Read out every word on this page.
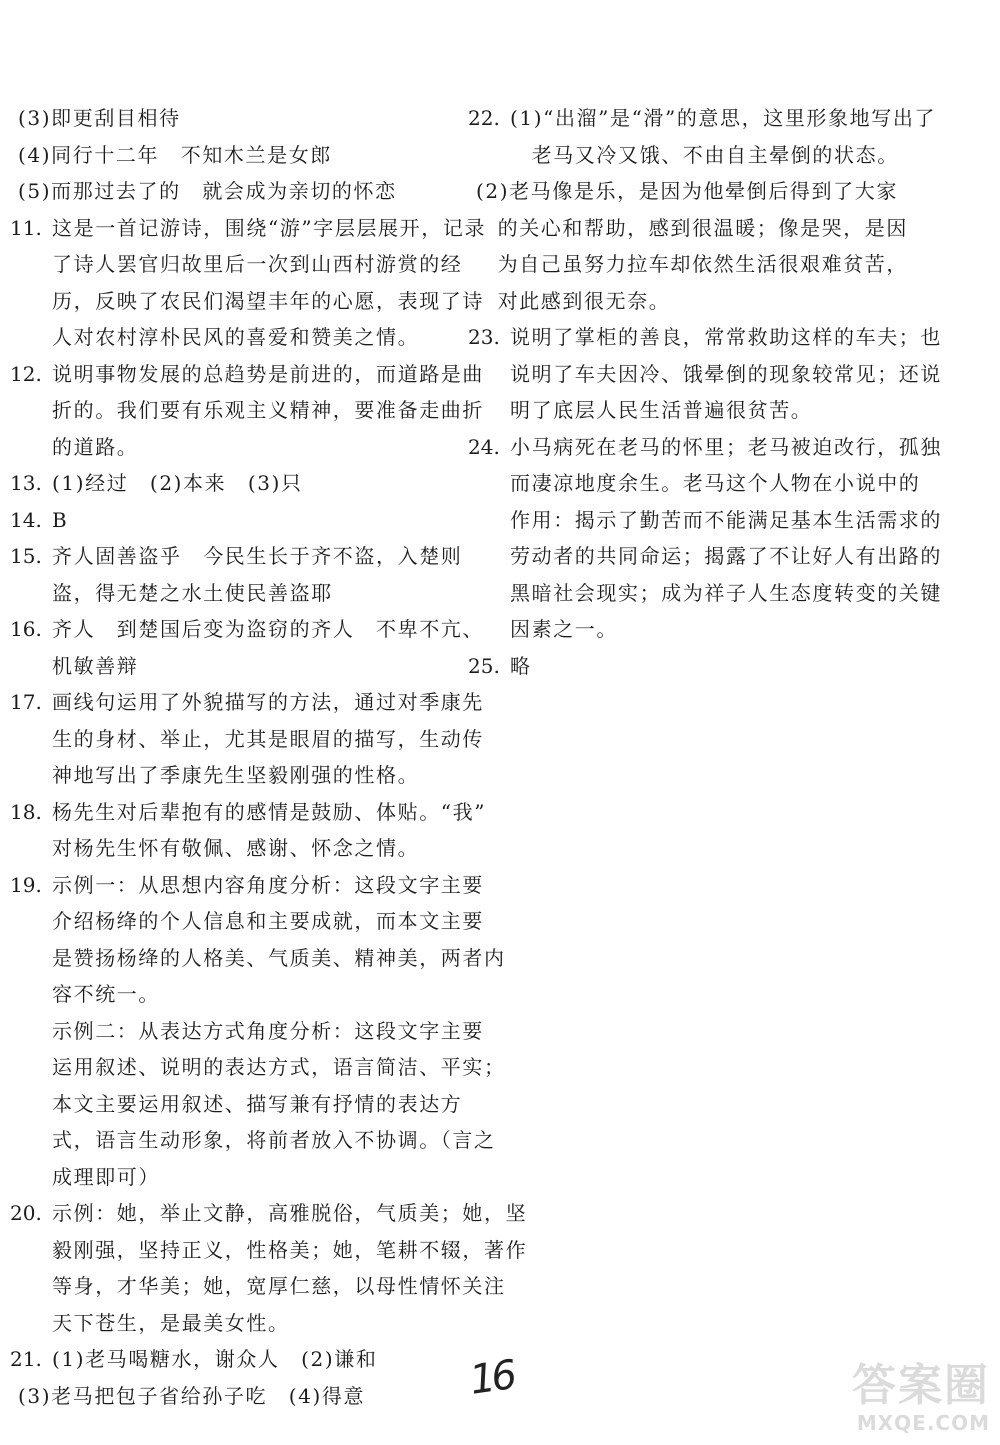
(3)即更刮目相待
(4)同行十二年　不知木兰是女郎
(5)而那过去了的　就会成为亲切的怀恋
11. 这是一首记游诗，围绕“游”字层层展开，记录
了诗人罢官归故里后一次到山西村游赏的经
历，反映了农民们渴望丰年的心愿，表现了诗
人对农村淳朴民风的喜爱和赞美之情。
12. 说明事物发展的总趋势是前进的，而道路是曲
折的。我们要有乐观主义精神，要准备走曲折
的道路。
13. (1)经过　(2)本来　(3)只
14. B
15. 齐人固善盗乎　今民生长于齐不盗，入楚则
盗，得无楚之水土使民善盗耶
16. 齐人　到楚国后变为盗窃的齐人　不卑不亢、
机敏善辩
17. 画线句运用了外貌描写的方法，通过对季康先
生的身材、举止，尤其是眼眉的描写，生动传
神地写出了季康先生坚毅刚强的性格。
18. 杨先生对后辈抱有的感情是鼓励、体贴。“我”
对杨先生怀有敬佩、感谢、怀念之情。
19. 示例一：从思想内容角度分析：这段文字主要
介绍杨绛的个人信息和主要成就，而本文主要
是赞扬杨绛的人格美、气质美、精神美，两者内
容不统一。
示例二：从表达方式角度分析：这段文字主要
运用叙述、说明的表达方式，语言简洁、平实；
本文主要运用叙述、描写兼有抒情的表达方
式，语言生动形象，将前者放入不协调。（言之
成理即可）
20. 示例：她，举止文静，高雅脱俗，气质美；她，坚
毅刚强，坚持正义，性格美；她，笔耕不辍，著作
等身，才华美；她，宽厚仁慈，以母性情怀关注
天下苍生，是最美女性。
21. (1)老马喝糖水，谢众人　(2)谦和
(3)老马把包子省给孙子吃　(4)得意
22. (1)“出溜”是“滑”的意思，这里形象地写出了
　老马又冷又饿、不由自主晕倒的状态。
(2)老马像是乐，是因为他晕倒后得到了大家
　的关心和帮助，感到很温暖；像是哭，是因
　为自己虽努力拉车却依然生活很艰难贫苦，
　对此感到很无奈。
23. 说明了掌柜的善良，常常救助这样的车夫；也
说明了车夫因冷、饿晕倒的现象较常见；还说
明了底层人民生活普遍很贫苦。
24. 小马病死在老马的怀里；老马被迫改行，孤独
而凄凉地度余生。老马这个人物在小说中的
作用：揭示了勤苦而不能满足基本生活需求的
劳动者的共同命运；揭露了不让好人有出路的
黑暗社会现实；成为祥子人生态度转变的关键
因素之一。
25. 略
16	答案圈
MXQE.COM
